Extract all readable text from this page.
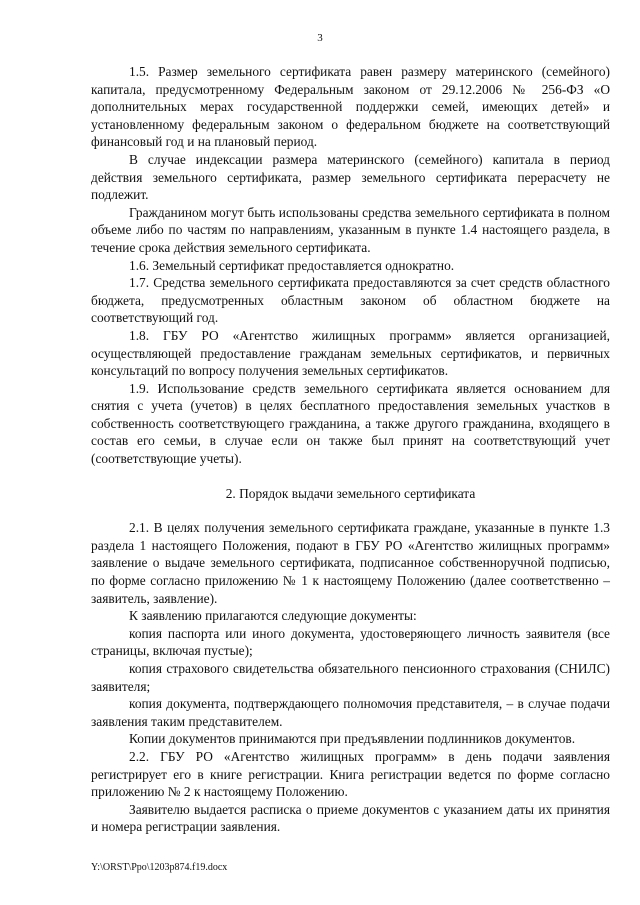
3

1.5. Размер земельного сертификата равен размеру материнского (семейного) капитала, предусмотренному Федеральным законом от 29.12.2006 № 256-ФЗ «О дополнительных мерах государственной поддержки семей, имеющих детей» и установленному федеральным законом о федеральном бюджете на соответствующий финансовый год и на плановый период.

В случае индексации размера материнского (семейного) капитала в период действия земельного сертификата, размер земельного сертификата перерасчету не подлежит.

Гражданином могут быть использованы средства земельного сертификата в полном объеме либо по частям по направлениям, указанным в пункте 1.4 настоящего раздела, в течение срока действия земельного сертификата.

1.6. Земельный сертификат предоставляется однократно.

1.7. Средства земельного сертификата предоставляются за счет средств областного бюджета, предусмотренных областным законом об областном бюджете на соответствующий год.

1.8. ГБУ РО «Агентство жилищных программ» является организацией, осуществляющей предоставление гражданам земельных сертификатов, и первичных консультаций по вопросу получения земельных сертификатов.

1.9. Использование средств земельного сертификата является основанием для снятия с учета (учетов) в целях бесплатного предоставления земельных участков в собственность соответствующего гражданина, а также другого гражданина, входящего в состав его семьи, в случае если он также был принят на соответствующий учет (соответствующие учеты).

2. Порядок выдачи земельного сертификата

2.1. В целях получения земельного сертификата граждане, указанные в пункте 1.3 раздела 1 настоящего Положения, подают в ГБУ РО «Агентство жилищных программ» заявление о выдаче земельного сертификата, подписанное собственноручной подписью, по форме согласно приложению № 1 к настоящему Положению (далее соответственно – заявитель, заявление).

К заявлению прилагаются следующие документы:

копия паспорта или иного документа, удостоверяющего личность заявителя (все страницы, включая пустые);

копия страхового свидетельства обязательного пенсионного страхования (СНИЛС) заявителя;

копия документа, подтверждающего полномочия представителя, – в случае подачи заявления таким представителем.

Копии документов принимаются при предъявлении подлинников документов.

2.2. ГБУ РО «Агентство жилищных программ» в день подачи заявления регистрирует его в книге регистрации. Книга регистрации ведется по форме согласно приложению № 2 к настоящему Положению.

Заявителю выдается расписка о приеме документов с указанием даты их принятия и номера регистрации заявления.

Y:\ORST\Ppo\1203p874.f19.docx
